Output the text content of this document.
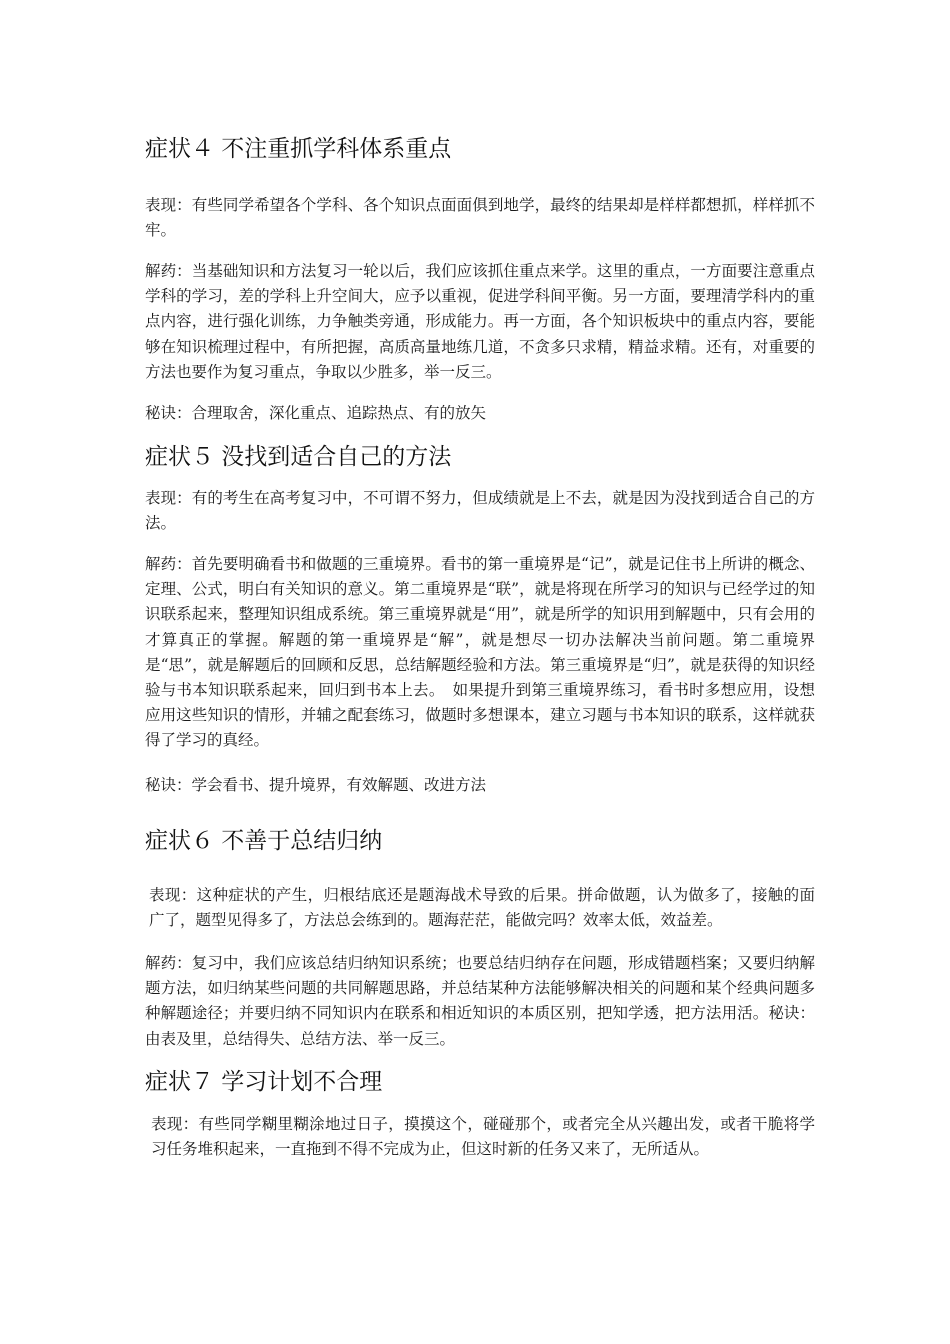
症状４ 不注重抓学科体系重点

表现：有些同学希望各个学科、各个知识点面面俱到地学，最终的结果却是样样都想抓，样样抓不牢。

解药：当基础知识和方法复习一轮以后，我们应该抓住重点来学。这里的重点，一方面要注意重点学科的学习，差的学科上升空间大，应予以重视，促进学科间平衡。另一方面，要理清学科内的重点内容，进行强化训练，力争触类旁通，形成能力。再一方面，各个知识板块中的重点内容，要能够在知识梳理过程中，有所把握，高质高量地练几道，不贪多只求精，精益求精。还有，对重要的方法也要作为复习重点，争取以少胜多，举一反三。

秘诀：合理取舍，深化重点、追踪热点、有的放矢

症状５ 没找到适合自己的方法

表现：有的考生在高考复习中，不可谓不努力，但成绩就是上不去，就是因为没找到适合自己的方法。

解药：首先要明确看书和做题的三重境界。看书的第一重境界是“记”，就是记住书上所讲的概念、定理、公式，明白有关知识的意义。第二重境界是“联”，就是将现在所学习的知识与已经学过的知识联系起来，整理知识组成系统。第三重境界就是“用”，就是所学的知识用到解题中，只有会用的才算真正的掌握。解题的第一重境界是“解”，就是想尽一切办法解决当前问题。第二重境界是“思”，就是解题后的回顾和反思，总结解题经验和方法。第三重境界是“归”，就是获得的知识经验与书本知识联系起来，回归到书本上去。　如果提升到第三重境界练习，看书时多想应用，设想应用这些知识的情形，并辅之配套练习，做题时多想课本，建立习题与书本知识的联系，这样就获得了学习的真经。

秘诀：学会看书、提升境界，有效解题、改进方法

症状６ 不善于总结归纳

表现：这种症状的产生，归根结底还是题海战术导致的后果。拼命做题，认为做多了，接触的面广了，题型见得多了，方法总会练到的。题海茫茫，能做完吗？效率太低，效益差。

解药：复习中，我们应该总结归纳知识系统；也要总结归纳存在问题，形成错题档案；又要归纳解题方法，如归纳某些问题的共同解题思路，并总结某种方法能够解决相关的问题和某个经典问题多种解题途径；并要归纳不同知识内在联系和相近知识的本质区别，把知学透，把方法用活。秘诀：由表及里，总结得失、总结方法、举一反三。

症状７ 学习计划不合理

表现：有些同学糊里糊涂地过日子，摸摸这个，碰碰那个，或者完全从兴趣出发，或者干脆将学习任务堆积起来，一直拖到不得不完成为止，但这时新的任务又来了，无所适从。
